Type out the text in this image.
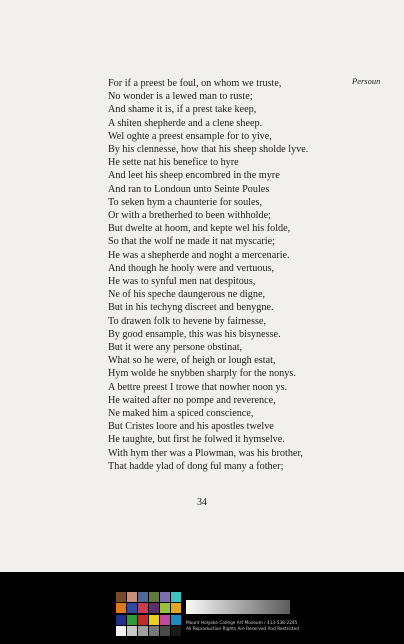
Persoun
For if a preest be foul, on whom we truste,
No wonder is a lewed man to ruste;
And shame it is, if a prest take keep,
A shiten shepherde and a clene sheep.
Wel oghte a preest ensample for to yive,
By his clennesse, how that his sheep sholde lyve.
He sette nat his benefice to hyre
And leet his sheep encombred in the myre
And ran to Londoun unto Seinte Poules
To seken hym a chaunterie for soules,
Or with a bretherhed to been withholde;
But dwelte at hoom, and kepte wel his folde,
So that the wolf ne made it nat myscarie;
He was a shepherde and noght a mercenarie.
And though he hooly were and vertuous,
He was to synful men nat despitous,
Ne of his speche daungerous ne digne,
But in his techyng discreet and benygne.
To drawen folk to hevene by fairnesse,
By good ensample, this was his bisynesse.
But it were any persone obstinat,
What so he were, of heigh or lough estat,
Hym wolde he snybben sharply for the nonys.
A bettre preest I trowe that nowher noon ys.
He waited after no pompe and reverence,
Ne maked him a spiced conscience,
But Cristes loore and his apostles twelve
He taughte, but first he folwed it hymselve.
With hym ther was a Plowman, was his brother,
That hadde ylad of dong ful many a fother;
34
Mount Holyoke College Art Museum / 413-538-2245
All Reproduction Rights Are Reserved And Restricted
